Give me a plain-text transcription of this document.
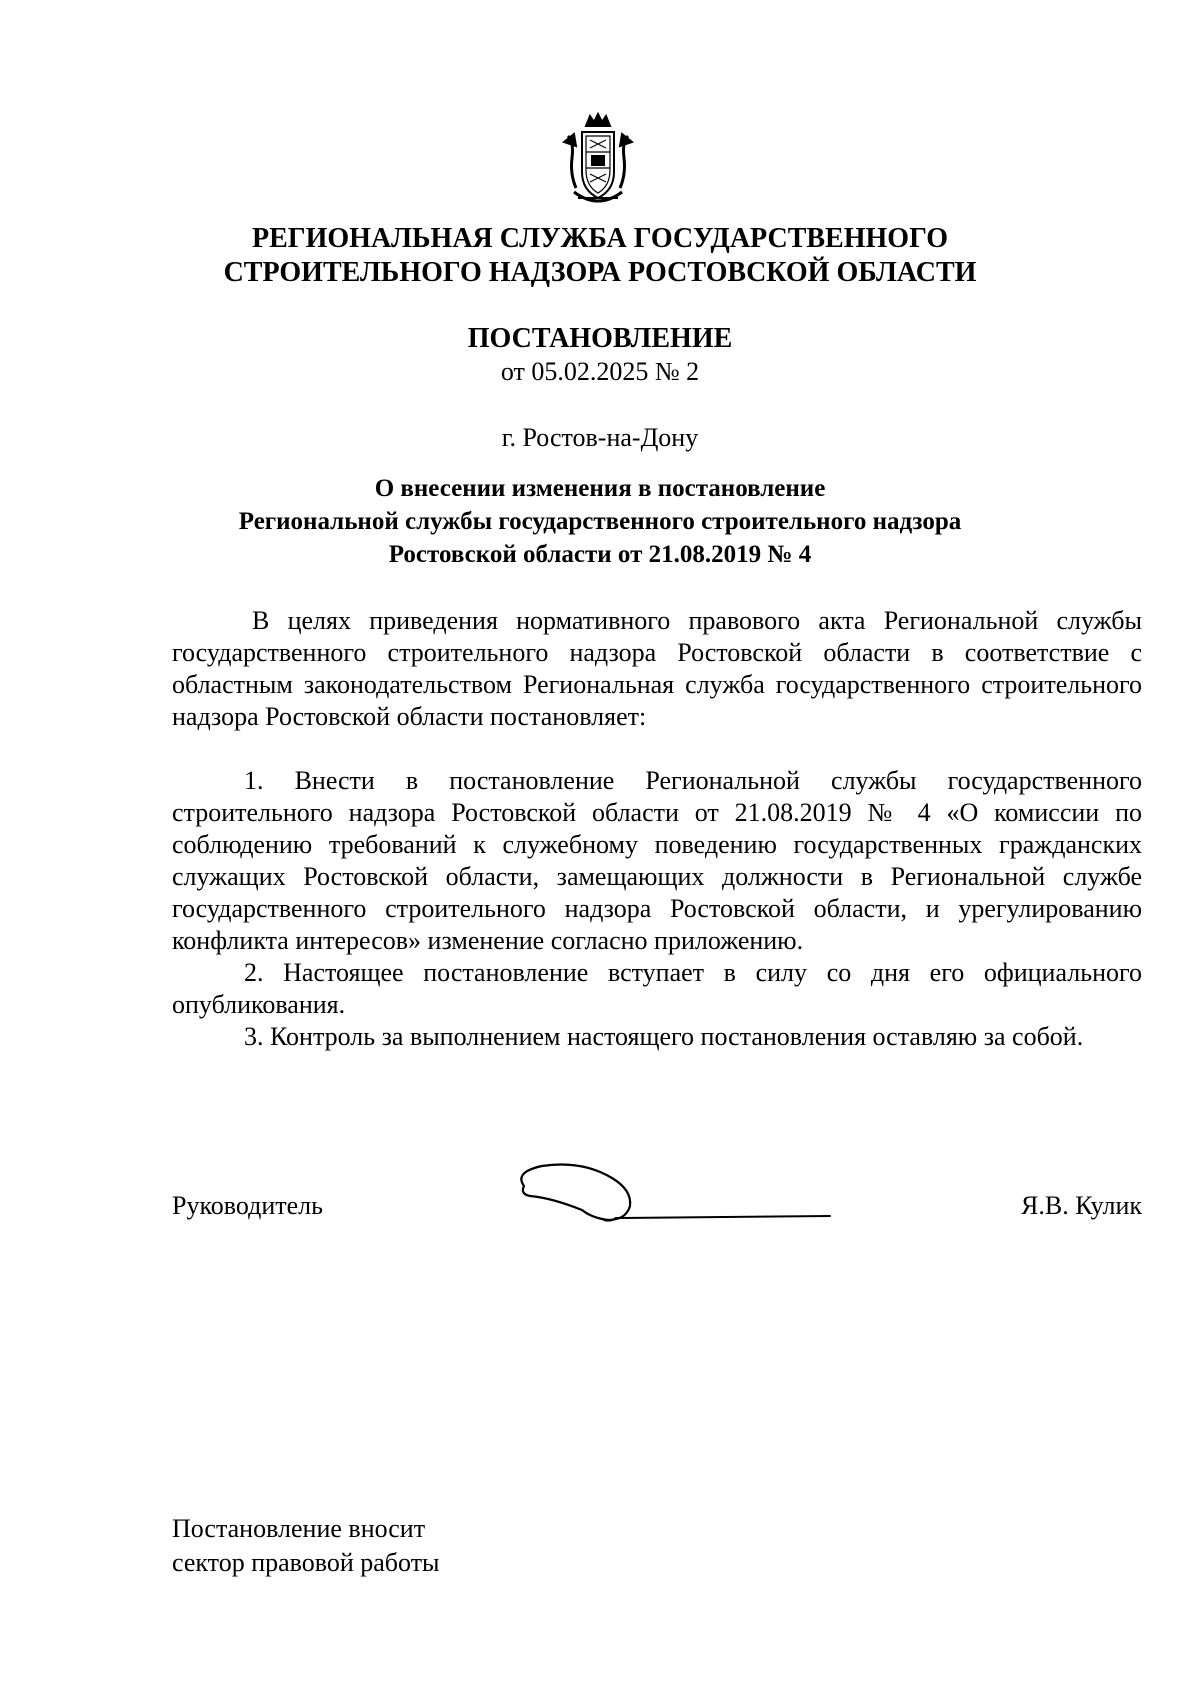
РЕГИОНАЛЬНАЯ СЛУЖБА ГОСУДАРСТВЕННОГО
СТРОИТЕЛЬНОГО НАДЗОРА РОСТОВСКОЙ ОБЛАСТИ
ПОСТАНОВЛЕНИЕ
от 05.02.2025 № 2
г. Ростов-на-Дону
О внесении изменения в постановление
Региональной службы государственного строительного надзора
Ростовской области от 21.08.2019 № 4

В целях приведения нормативного правового акта Региональной службы государственного строительного надзора Ростовской области в соответствие с областным законодательством Региональная служба государственного строительного надзора Ростовской области постановляет:

1. Внести в постановление Региональной службы государственного строительного надзора Ростовской области от 21.08.2019 № 4 «О комиссии по соблюдению требований к служебному поведению государственных гражданских служащих Ростовской области, замещающих должности в Региональной службе государственного строительного надзора Ростовской области, и урегулированию конфликта интересов» изменение согласно приложению.

2. Настоящее постановление вступает в силу со дня его официального опубликования.

3. Контроль за выполнением настоящего постановления оставляю за собой.

Руководитель	Я.В. Кулик
Постановление вносит
сектор правовой работы
